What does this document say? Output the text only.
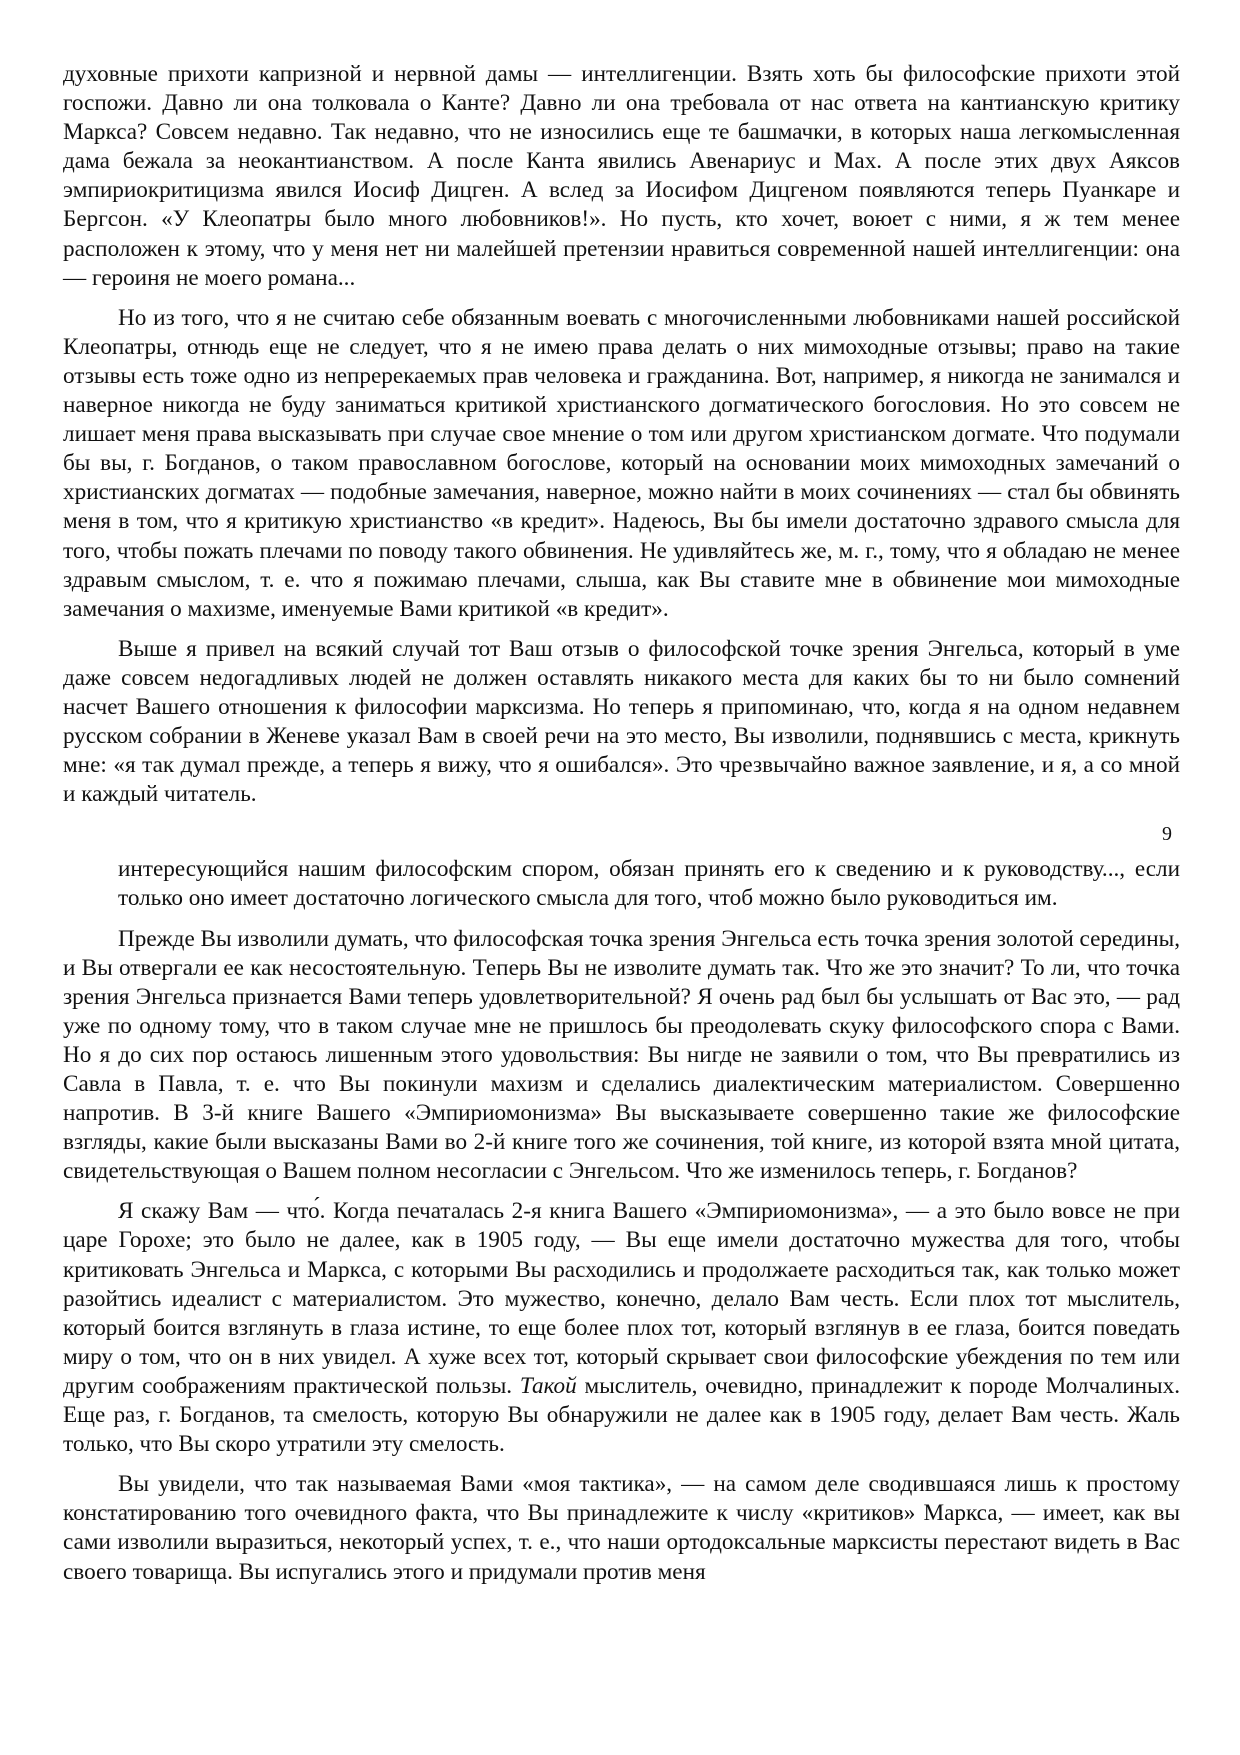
духовные прихоти капризной и нервной дамы — интеллигенции. Взять хоть бы философские прихоти этой госпожи. Давно ли она толковала о Канте? Давно ли она требовала от нас ответа на кантианскую критику Маркса? Совсем недавно. Так недавно, что не износились еще те башмачки, в которых наша легкомысленная дама бежала за неокантианством. А после Канта явились Авенариус и Мах. А после этих двух Аяксов эмпириокритицизма явился Иосиф Дицген. А вслед за Иосифом Дицгеном появляются теперь Пуанкаре и Бергсон. «У Клеопатры было много любовников!». Но пусть, кто хочет, воюет с ними, я ж тем менее расположен к этому, что у меня нет ни малейшей претензии нравиться современной нашей интеллигенции: она — героиня не моего романа...

Но из того, что я не считаю себе обязанным воевать с многочисленными любовниками нашей российской Клеопатры, отнюдь еще не следует, что я не имею права делать о них мимоходные отзывы; право на такие отзывы есть тоже одно из непререкаемых прав человека и гражданина. Вот, например, я никогда не занимался и наверное никогда не буду заниматься критикой христианского догматического богословия. Но это совсем не лишает меня права высказывать при случае свое мнение о том или другом христианском догмате. Что подумали бы вы, г. Богданов, о таком православном богослове, который на основании моих мимоходных замечаний о христианских догматах — подобные замечания, наверное, можно найти в моих сочинениях — стал бы обвинять меня в том, что я критикую христианство «в кредит». Надеюсь, Вы бы имели достаточно здравого смысла для того, чтобы пожать плечами по поводу такого обвинения. Не удивляйтесь же, м. г., тому, что я обладаю не менее здравым смыслом, т. е. что я пожимаю плечами, слыша, как Вы ставите мне в обвинение мои мимоходные замечания о махизме, именуемые Вами критикой «в кредит».

Выше я привел на всякий случай тот Ваш отзыв о философской точке зрения Энгельса, который в уме даже совсем недогадливых людей не должен оставлять никакого места для каких бы то ни было сомнений насчет Вашего отношения к философии марксизма. Но теперь я припоминаю, что, когда я на одном недавнем русском собрании в Женеве указал Вам в своей речи на это место, Вы изволили, поднявшись с места, крикнуть мне: «я так думал прежде, а теперь я вижу, что я ошибался». Это чрезвычайно важное заявление, и я, а со мной и каждый читатель.

9

интересующийся нашим философским спором, обязан принять его к сведению и к руководству..., если только оно имеет достаточно логического смысла для того, чтоб можно было руководиться им.

Прежде Вы изволили думать, что философская точка зрения Энгельса есть точка зрения золотой середины, и Вы отвергали ее как несостоятельную. Теперь Вы не изволите думать так. Что же это значит? То ли, что точка зрения Энгельса признается Вами теперь удовлетворительной? Я очень рад был бы услышать от Вас это, — рад уже по одному тому, что в таком случае мне не пришлось бы преодолевать скуку философского спора с Вами. Но я до сих пор остаюсь лишенным этого удовольствия: Вы нигде не заявили о том, что Вы превратились из Савла в Павла, т. е. что Вы покинули махизм и сделались диалектическим материалистом. Совершенно напротив. В 3-й книге Вашего «Эмпириомонизма» Вы высказываете совершенно такие же философские взгляды, какие были высказаны Вами во 2-й книге того же сочинения, той книге, из которой взята мной цитата, свидетельствующая о Вашем полном несогласии с Энгельсом. Что же изменилось теперь, г. Богданов?

Я скажу Вам — что́. Когда печаталась 2-я книга Вашего «Эмпириомонизма», — а это было вовсе не при царе Горохе; это было не далее, как в 1905 году, — Вы еще имели достаточно мужества для того, чтобы критиковать Энгельса и Маркса, с которыми Вы расходились и продолжаете расходиться так, как только может разойтись идеалист с материалистом. Это мужество, конечно, делало Вам честь. Если плох тот мыслитель, который боится взглянуть в глаза истине, то еще более плох тот, который взглянув в ее глаза, боится поведать миру о том, что он в них увидел. А хуже всех тот, который скрывает свои философские убеждения по тем или другим соображениям практической пользы. Такой мыслитель, очевидно, принадлежит к породе Молчалиных. Еще раз, г. Богданов, та смелость, которую Вы обнаружили не далее как в 1905 году, делает Вам честь. Жаль только, что Вы скоро утратили эту смелость.

Вы увидели, что так называемая Вами «моя тактика», — на самом деле сводившаяся лишь к простому констатированию того очевидного факта, что Вы принадлежите к числу «критиков» Маркса, — имеет, как вы сами изволили выразиться, некоторый успех, т. е., что наши ортодоксальные марксисты перестают видеть в Вас своего товарища. Вы испугались этого и придумали против меня
